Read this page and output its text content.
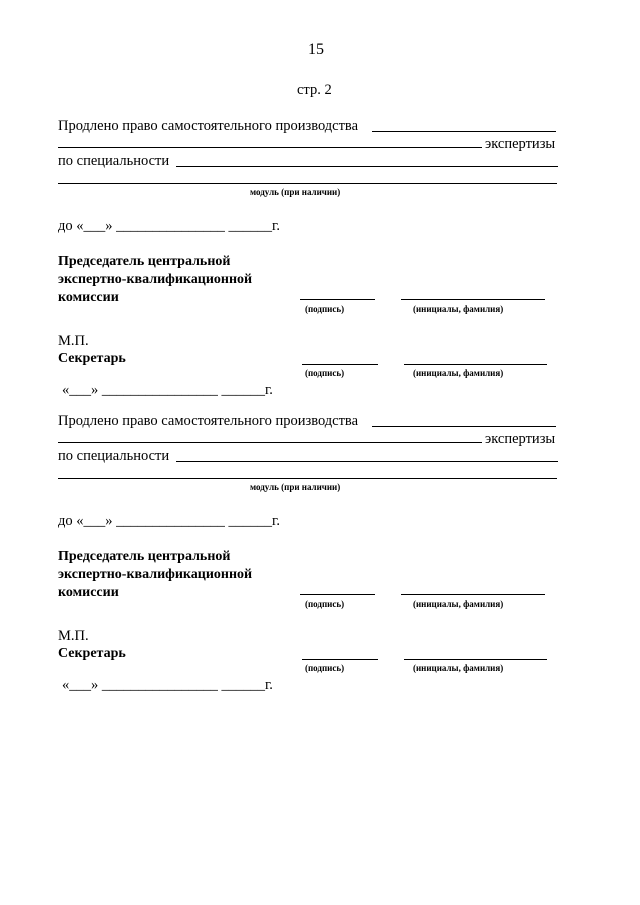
15
стр. 2
Продлено право самостоятельного производства
экспертизы
по специальности
модуль (при наличии)
до «___» _______________ ______г.
Председатель центральной
экспертно-квалификационной
комиссии
(подпись)	(инициалы, фамилия)
М.П.
Секретарь
(подпись)	(инициалы, фамилия)
«___» ________________ ______г.
Продлено право самостоятельного производства
экспертизы
по специальности
модуль (при наличии)
до «___» _______________ ______г.
Председатель центральной
экспертно-квалификационной
комиссии
(подпись)	(инициалы, фамилия)
М.П.
Секретарь
(подпись)	(инициалы, фамилия)
«___» ________________ ______г.
